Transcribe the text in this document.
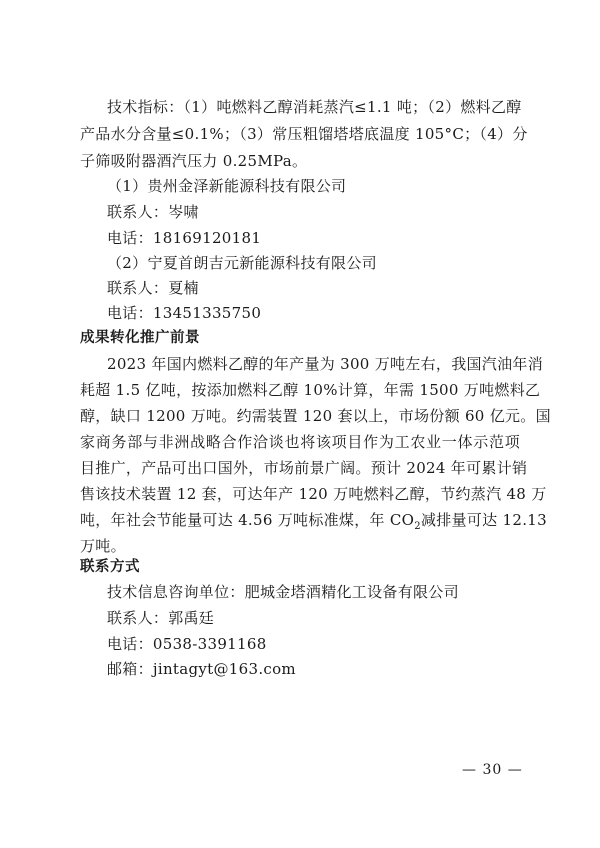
技术指标：（1）吨燃料乙醇消耗蒸汽≤1.1 吨；（2）燃料乙醇
产品水分含量≤0.1%；（3）常压粗馏塔塔底温度 105°C；（4）分
子筛吸附器酒汽压力 0.25MPa。
（1）贵州金泽新能源科技有限公司
联系人：岑啸
电话：18169120181
（2）宁夏首朗吉元新能源科技有限公司
联系人：夏楠
电话：13451335750
成果转化推广前景
2023 年国内燃料乙醇的年产量为 300 万吨左右，我国汽油年消
耗超 1.5 亿吨，按添加燃料乙醇 10%计算，年需 1500 万吨燃料乙
醇，缺口 1200 万吨。约需装置 120 套以上，市场份额 60 亿元。国
家商务部与非洲战略合作洽谈也将该项目作为工农业一体示范项
目推广，产品可出口国外，市场前景广阔。预计 2024 年可累计销
售该技术装置 12 套，可达年产 120 万吨燃料乙醇，节约蒸汽 48 万
吨，年社会节能量可达 4.56 万吨标准煤，年 $CO_2$减排量可达 12.13
万吨。
联系方式
技术信息咨询单位：肥城金塔酒精化工设备有限公司
联系人：郭禹廷
电话：0538-3391168
邮箱：jintagyt@163.com
— 30 —
